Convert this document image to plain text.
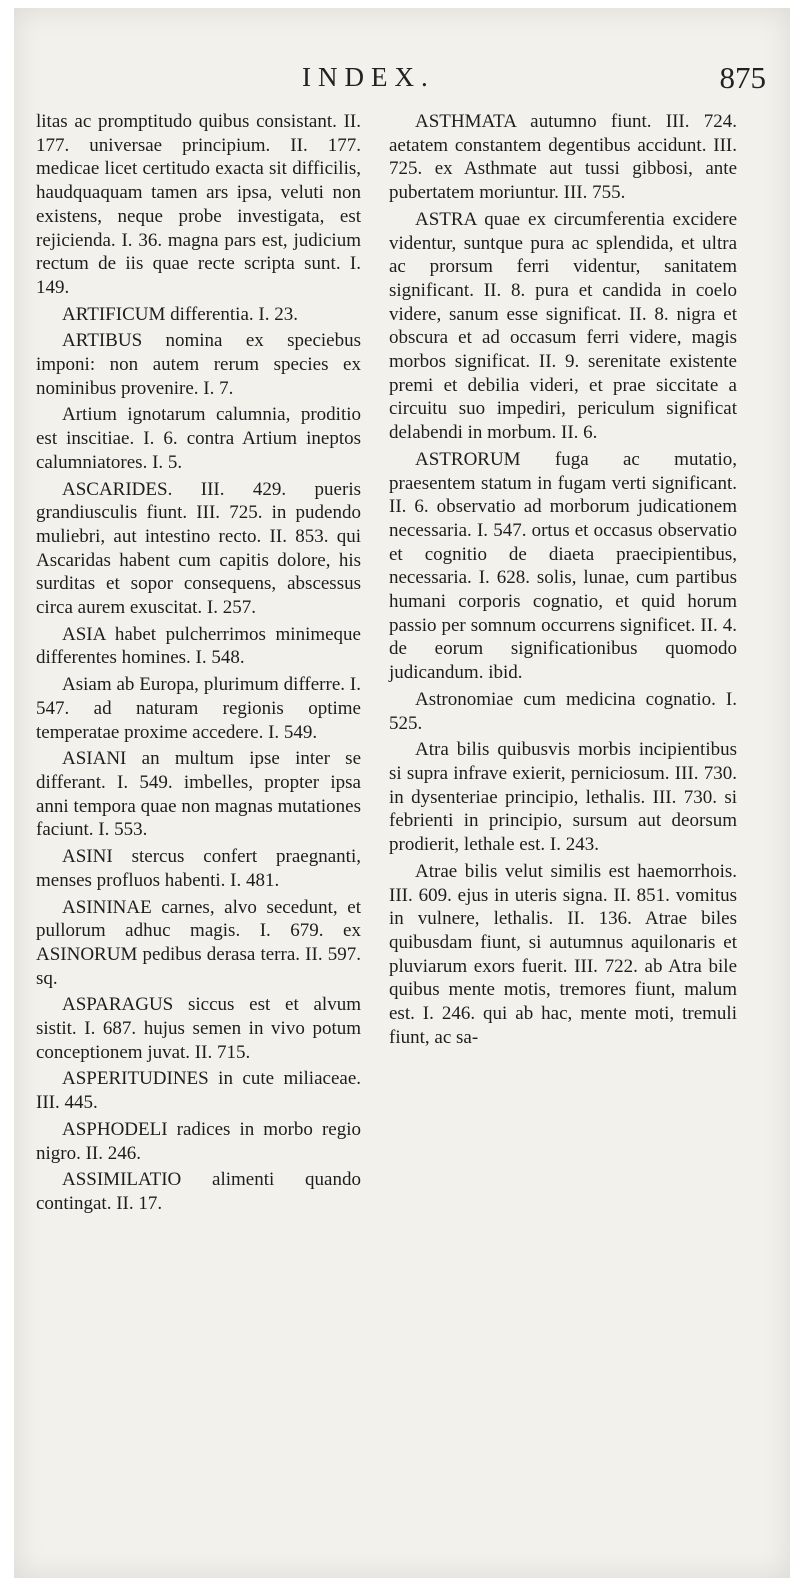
INDEX.	875

litas ac promptitudo quibus consistant. II. 177. universae principium. II. 177. medicae licet certitudo exacta sit difficilis, haudquaquam tamen ars ipsa, veluti non existens, neque probe investigata, est rejicienda. I. 36. magna pars est, judicium rectum de iis quae recte scripta sunt. I. 149.

ARTIFICUM differentia. I. 23.

ARTIBUS nomina ex speciebus imponi: non autem rerum species ex nominibus provenire. I. 7.

Artium ignotarum calumnia, proditio est inscitiae. I. 6. contra Artium ineptos calumniatores. I. 5.

ASCARIDES. III. 429. pueris grandiusculis fiunt. III. 725. in pudendo muliebri, aut intestino recto. II. 853. qui Ascaridas habent cum capitis dolore, his surditas et sopor consequens, abscessus circa aurem exuscitat. I. 257.

ASIA habet pulcherrimos minimeque differentes homines. I. 548.

Asiam ab Europa, plurimum differre. I. 547. ad naturam regionis optime temperatae proxime accedere. I. 549.

ASIANI an multum ipse inter se differant. I. 549. imbelles, propter ipsa anni tempora quae non magnas mutationes faciunt. I. 553.

ASINI stercus confert praegnanti, menses profluos habenti. I. 481.

ASININAE carnes, alvo secedunt, et pullorum adhuc magis. I. 679. ex ASINORUM pedibus derasa terra. II. 597. sq.

ASPARAGUS siccus est et alvum sistit. I. 687. hujus semen in vivo potum conceptionem juvat. II. 715.

ASPERITUDINES in cute miliaceae. III. 445.

ASPHODELI radices in morbo regio nigro. II. 246.

ASSIMILATIO alimenti quando contingat. II. 17.

ASTHMATA autumno fiunt. III. 724. aetatem constantem degentibus accidunt. III. 725. ex Asthmate aut tussi gibbosi, ante pubertatem moriuntur. III. 755.

ASTRA quae ex circumferentia excidere videntur, suntque pura ac splendida, et ultra ac prorsum ferri videntur, sanitatem significant. II. 8. pura et candida in coelo videre, sanum esse significat. II. 8. nigra et obscura et ad occasum ferri videre, magis morbos significat. II. 9. serenitate existente premi et debilia videri, et prae siccitate a circuitu suo impediri, periculum significat delabendi in morbum. II. 6.

ASTRORUM fuga ac mutatio, praesentem statum in fugam verti significant. II. 6. observatio ad morborum judicationem necessaria. I. 547. ortus et occasus observatio et cognitio de diaeta praecipientibus, necessaria. I. 628. solis, lunae, cum partibus humani corporis cognatio, et quid horum passio per somnum occurrens significet. II. 4. de eorum significationibus quomodo judicandum. ibid.

Astronomiae cum medicina cognatio. I. 525.

Atra bilis quibusvis morbis incipientibus si supra infrave exierit, perniciosum. III. 730. in dysenteriae principio, lethalis. III. 730. si febrienti in principio, sursum aut deorsum prodierit, lethale est. I. 243.

Atrae bilis velut similis est haemorrhois. III. 609. ejus in uteris signa. II. 851. vomitus in vulnere, lethalis. II. 136. Atrae biles quibusdam fiunt, si autumnus aquilonaris et pluviarum exors fuerit. III. 722. ab Atra bile quibus mente motis, tremores fiunt, malum est. I. 246. qui ab hac, mente moti, tremuli fiunt, ac sa-
